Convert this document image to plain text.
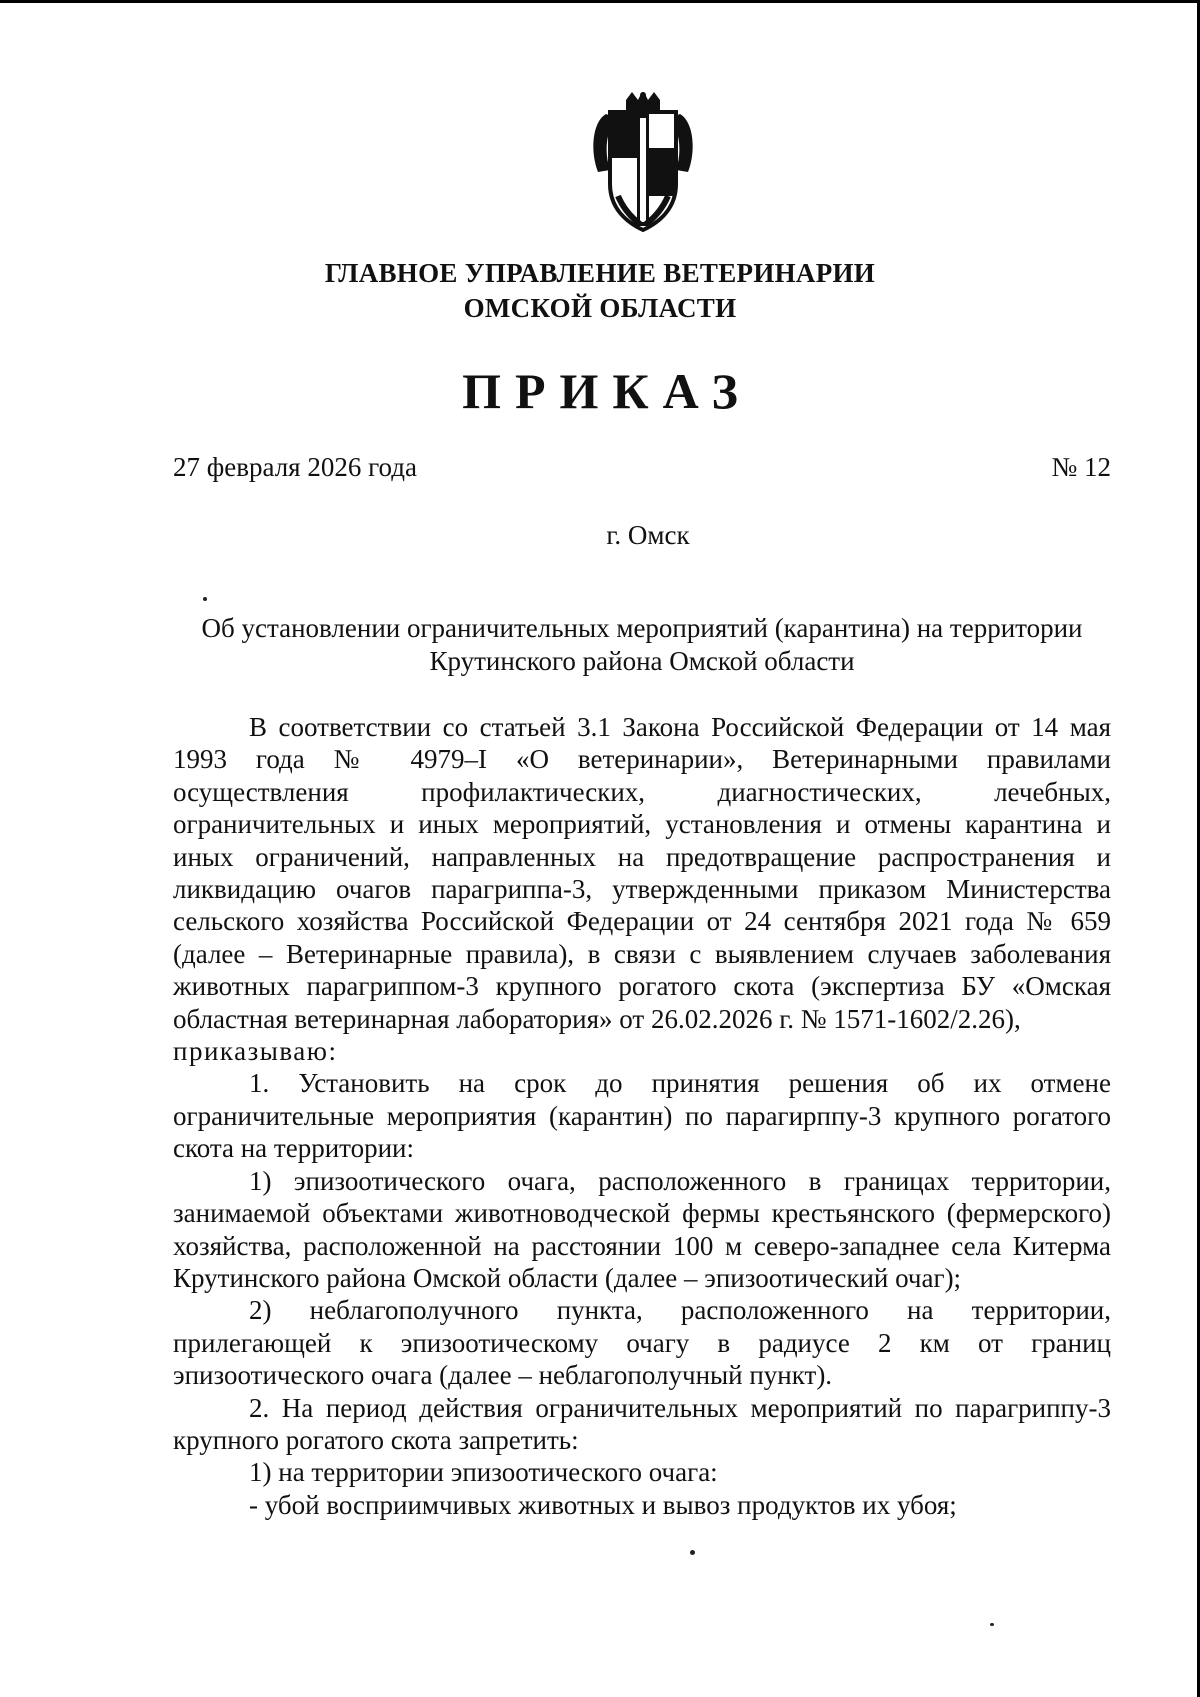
ГЛАВНОЕ УПРАВЛЕНИЕ ВЕТЕРИНАРИИ
ОМСКОЙ ОБЛАСТИ
ПРИКАЗ
27 февраля 2026 года	№ 12
г. Омск
Об установлении ограничительных мероприятий (карантина) на территории Крутинского района Омской области

В соответствии со статьей 3.1 Закона Российской Федерации от 14 мая 1993 года № 4979–I «О ветеринарии», Ветеринарными правилами осуществления профилактических, диагностических, лечебных, ограничительных и иных мероприятий, установления и отмены карантина и иных ограничений, направленных на предотвращение распространения и ликвидацию очагов парагриппа-3, утвержденными приказом Министерства сельского хозяйства Российской Федерации от 24 сентября 2021 года № 659 (далее – Ветеринарные правила), в связи с выявлением случаев заболевания животных парагриппом-3 крупного рогатого скота (экспертиза БУ «Омская областная ветеринарная лаборатория» от 26.02.2026 г. № 1571-1602/2.26),

приказываю:

1. Установить на срок до принятия решения об их отмене ограничительные мероприятия (карантин) по парагирппу-3 крупного рогатого скота на территории:

1) эпизоотического очага, расположенного в границах территории, занимаемой объектами животноводческой фермы крестьянского (фермерского) хозяйства, расположенной на расстоянии 100 м северо-западнее села Китерма Крутинского района Омской области (далее – эпизоотический очаг);

2) неблагополучного пункта, расположенного на территории, прилегающей к эпизоотическому очагу в радиусе 2 км от границ эпизоотического очага (далее – неблагополучный пункт).

2. На период действия ограничительных мероприятий по парагриппу-3 крупного рогатого скота запретить:

1) на территории эпизоотического очага:

- убой восприимчивых животных и вывоз продуктов их убоя;
